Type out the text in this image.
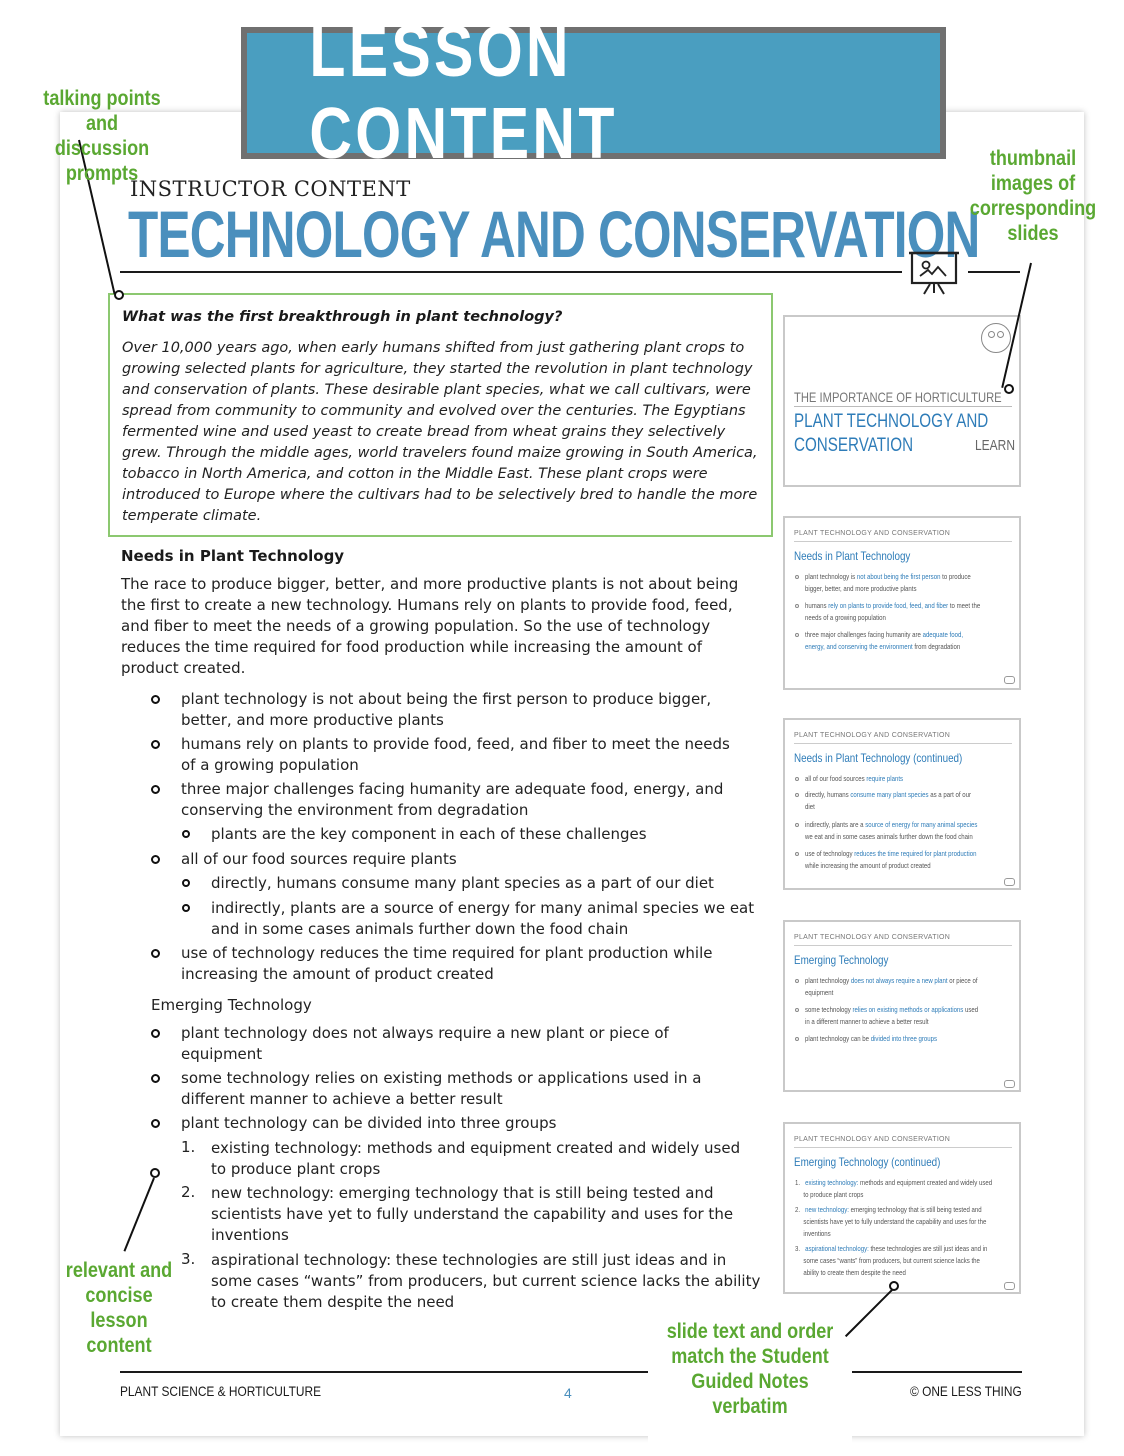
LESSON CONTENT
INSTRUCTOR CONTENT
TECHNOLOGY AND CONSERVATION
What was the first breakthrough in plant technology?
Over 10,000 years ago, when early humans shifted from just gathering plant crops to growing selected plants for agriculture, they started the revolution in plant technology and conservation of plants. These desirable plant species, what we call cultivars, were spread from community to community and evolved over the centuries. The Egyptians fermented wine and used yeast to create bread from wheat grains they selectively grew. Through the middle ages, world travelers found maize growing in South America, tobacco in North America, and cotton in the Middle East. These plant crops were introduced to Europe where the cultivars had to be selectively bred to handle the more temperate climate.
Needs in Plant Technology
The race to produce bigger, better, and more productive plants is not about being the first to create a new technology. Humans rely on plants to provide food, feed, and fiber to meet the needs of a growing population. So the use of technology reduces the time required for food production while increasing the amount of product created.
plant technology is not about being the first person to produce bigger, better, and more productive plants
humans rely on plants to provide food, feed, and fiber to meet the needs of a growing population
three major challenges facing humanity are adequate food, energy, and conserving the environment from degradation
plants are the key component in each of these challenges
all of our food sources require plants
directly, humans consume many plant species as a part of our diet
indirectly, plants are a source of energy for many animal species we eat and in some cases animals further down the food chain
use of technology reduces the time required for plant production while increasing the amount of product created
Emerging Technology
plant technology does not always require a new plant or piece of equipment
some technology relies on existing methods or applications used in a different manner to achieve a better result
plant technology can be divided into three groups
1. existing technology: methods and equipment created and widely used to produce plant crops
2. new technology: emerging technology that is still being tested and scientists have yet to fully understand the capability and uses for the inventions
3. aspirational technology: these technologies are still just ideas and in some cases “wants” from producers, but current science lacks the ability to create them despite the need
THE IMPORTANCE OF HORTICULTURE
PLANT TECHNOLOGY AND
CONSERVATION	LEARN
PLANT TECHNOLOGY AND CONSERVATION
Needs in Plant Technology
plant technology is not about being the first person to produce
bigger, better, and more productive plants
humans rely on plants to provide food, feed, and fiber to meet the
needs of a growing population
three major challenges facing humanity are adequate food,
energy, and conserving the environment from degradation
PLANT TECHNOLOGY AND CONSERVATION
Needs in Plant Technology (continued)
all of our food sources require plants
directly, humans consume many plant species as a part of our
diet
indirectly, plants are a source of energy for many animal species
we eat and in some cases animals further down the food chain
use of technology reduces the time required for plant production
while increasing the amount of product created
PLANT TECHNOLOGY AND CONSERVATION
Emerging Technology
plant technology does not always require a new plant or piece of
equipment
some technology relies on existing methods or applications used
in a different manner to achieve a better result
plant technology can be divided into three groups
PLANT TECHNOLOGY AND CONSERVATION
Emerging Technology (continued)
1.   existing technology: methods and equipment created and widely used
to produce plant crops
2.   new technology: emerging technology that is still being tested and
scientists have yet to fully understand the capability and uses for the
inventions
3.   aspirational technology: these technologies are still just ideas and in
some cases “wants” from producers, but current science lacks the
ability to create them despite the need
PLANT SCIENCE & HORTICULTURE	4	© ONE LESS THING
talking points and
discussion prompts
thumbnail
images of
corresponding
slides
relevant and
concise lesson
content
slide text and order
match the Student
Guided Notes
verbatim
